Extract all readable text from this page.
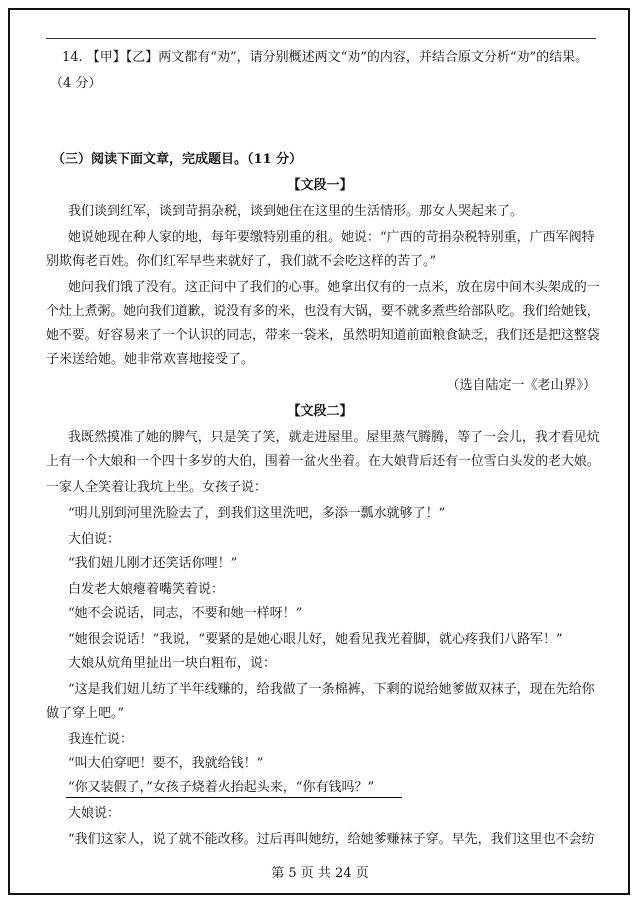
14. 【甲】【乙】两文都有“劝”，请分别概述两文“劝”的内容，并结合原文分析“劝”的结果。
（4 分）
（三）阅读下面文章，完成题目。（11 分）
【文段一】
我们谈到红军，谈到苛捐杂税，谈到她住在这里的生活情形。那女人哭起来了。
她说她现在种人家的地，每年要缴特别重的租。她说：“广西的苛捐杂税特别重，广西军阀特
别欺侮老百姓。你们红军早些来就好了，我们就不会吃这样的苦了。”
她问我们饿了没有。这正问中了我们的心事。她拿出仅有的一点米，放在房中间木头架成的一
个灶上煮粥。她向我们道歉，说没有多的米，也没有大锅，要不就多煮些给部队吃。我们给她钱，
她不要。好容易来了一个认识的同志，带来一袋米，虽然明知道前面粮食缺乏，我们还是把这整袋
子米送给她。她非常欢喜地接受了。
（选自陆定一《老山界》）
【文段二】
我既然摸准了她的脾气，只是笑了笑，就走进屋里。屋里蒸气腾腾，等了一会儿，我才看见炕
上有一个大娘和一个四十多岁的大伯，围着一盆火坐着。在大娘背后还有一位雪白头发的老大娘。
一家人全笑着让我坑上坐。女孩子说：
“明儿别到河里洗脸去了，到我们这里洗吧，多添一瓢水就够了！”
大伯说：
“我们妞儿刚才还笑话你哩！”
白发老大娘瘪着嘴笑着说：
“她不会说话，同志，不要和她一样呀！”
“她很会说话！”我说，“要紧的是她心眼儿好，她看见我光着脚，就心疼我们八路军！”
大娘从炕角里扯出一块白粗布，说：
“这是我们妞儿纺了半年线赚的，给我做了一条棉裤，下剩的说给她爹做双袜子，现在先给你
做了穿上吧。”
我连忙说：
“叫大伯穿吧！要不，我就给钱！”
“你又装假了，”女孩子烧着火抬起头来，“你有钱吗？”
大娘说：
“我们这家人，说了就不能改移。过后再叫她纺，给她爹赚袜子穿。早先，我们这里也不会纺
第 5 页 共 24 页
